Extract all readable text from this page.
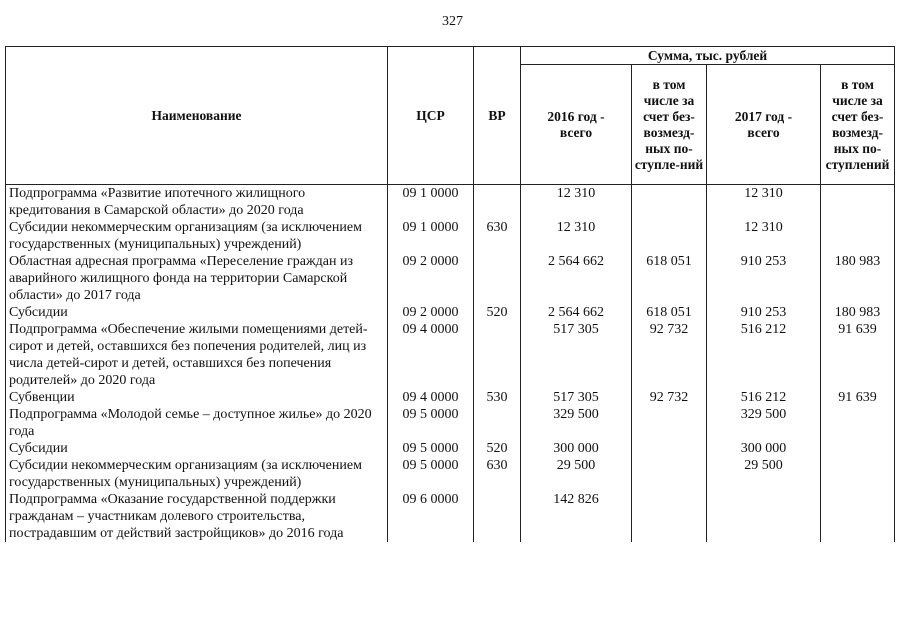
327
Наименование	ЦСР	ВР	Сумма, тыс. рублей			
			2016 год - всего	в том числе за счет без-возмезд-ных по-ступле-ний	2017 год - всего	в том числе за счет без-возмезд-ных по-ступлений
Подпрограмма «Развитие ипотечного жилищного кредитования в Самарской области» до 2020 года	09 1 0000		12 310		12 310	
Субсидии некоммерческим организациям (за исключением государственных (муниципальных) учреждений)	09 1 0000	630	12 310		12 310	
Областная адресная программа «Переселение граждан из аварийного жилищного фонда на территории Самарской области» до 2017 года	09 2 0000		2 564 662	618 051	910 253	180 983
Субсидии	09 2 0000	520	2 564 662	618 051	910 253	180 983
Подпрограмма «Обеспечение жилыми помещениями детей-сирот и детей, оставшихся без попечения родителей, лиц из числа детей-сирот и детей, оставшихся без попечения родителей» до 2020 года	09 4 0000		517 305	92 732	516 212	91 639
Субвенции	09 4 0000	530	517 305	92 732	516 212	91 639
Подпрограмма «Молодой семье – доступное жилье» до 2020 года	09 5 0000		329 500		329 500	
Субсидии	09 5 0000	520	300 000		300 000	
Субсидии некоммерческим организациям (за исключением государственных (муниципальных) учреждений)	09 5 0000	630	29 500		29 500	
Подпрограмма «Оказание государственной поддержки гражданам – участникам долевого строительства, пострадавшим от действий застройщиков» до 2016 года	09 6 0000		142 826			
